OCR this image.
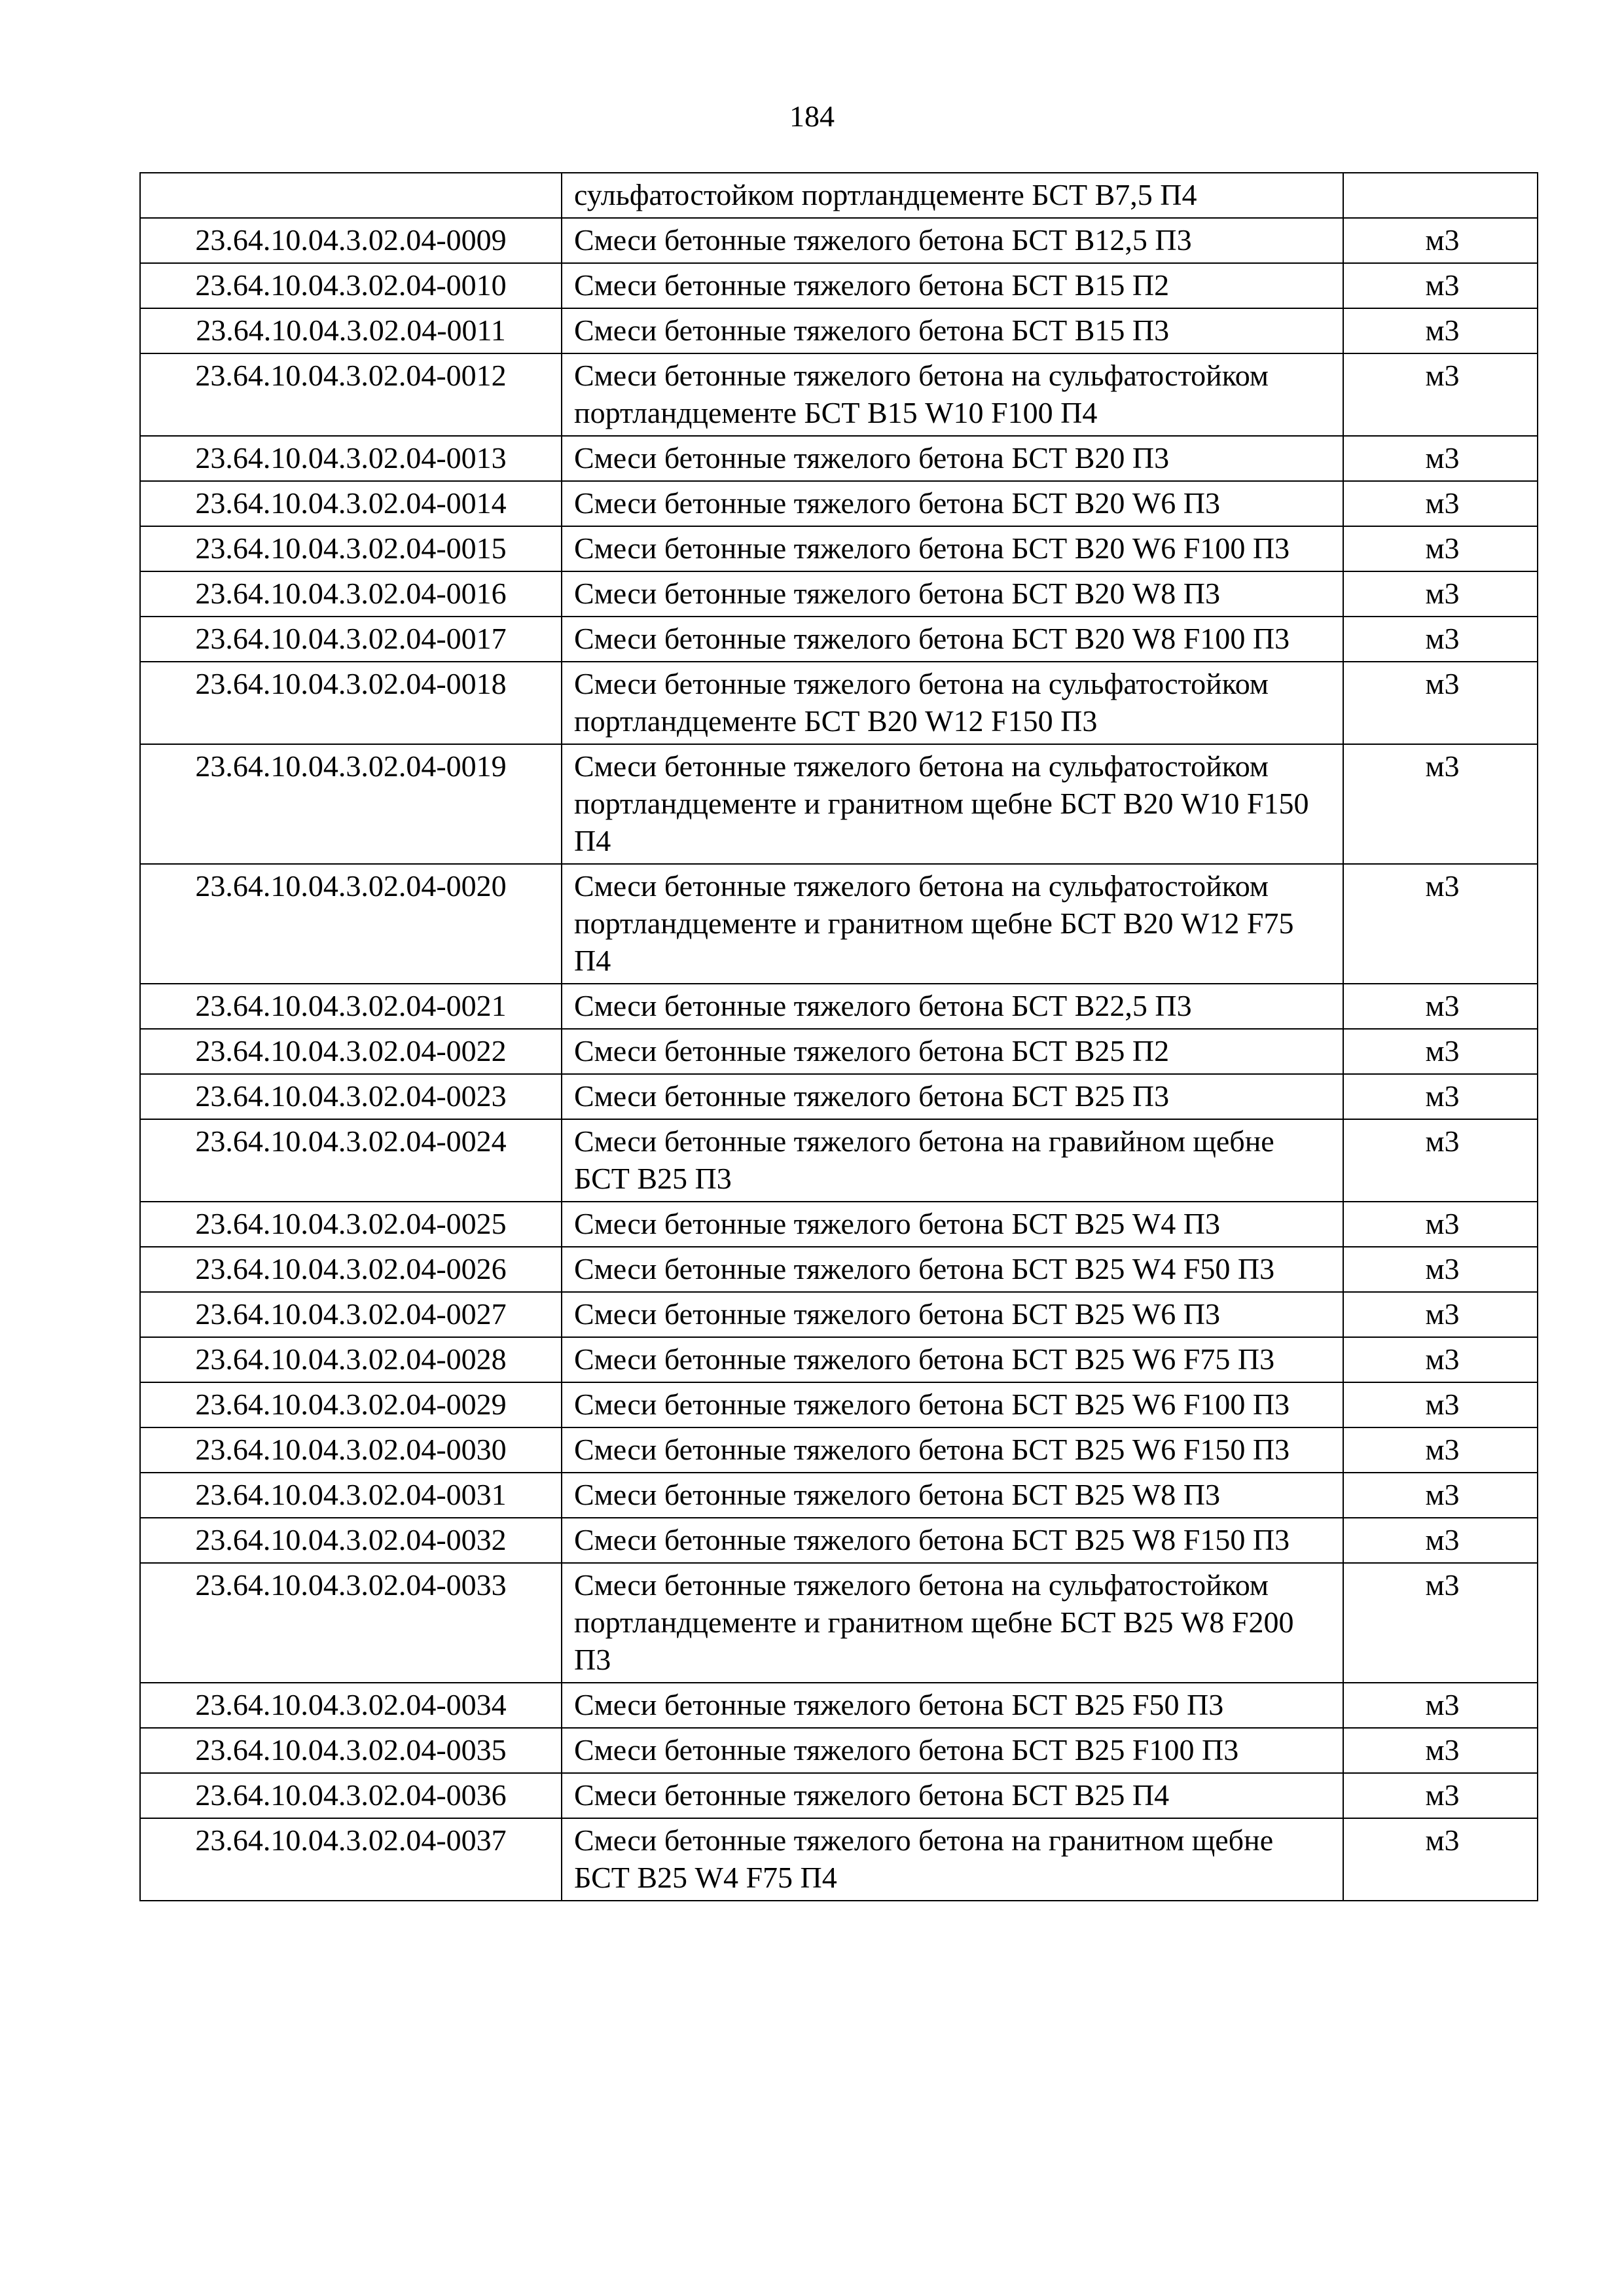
184
	сульфатостойком портландцементе БСТ В7,5 П4	
23.64.10.04.3.02.04-0009	Смеси бетонные тяжелого бетона БСТ В12,5 П3	м3
23.64.10.04.3.02.04-0010	Смеси бетонные тяжелого бетона БСТ В15 П2	м3
23.64.10.04.3.02.04-0011	Смеси бетонные тяжелого бетона БСТ В15 П3	м3
23.64.10.04.3.02.04-0012	Смеси бетонные тяжелого бетона на сульфатостойком портландцементе БСТ В15 W10 F100 П4	м3
23.64.10.04.3.02.04-0013	Смеси бетонные тяжелого бетона БСТ В20 П3	м3
23.64.10.04.3.02.04-0014	Смеси бетонные тяжелого бетона БСТ В20 W6 П3	м3
23.64.10.04.3.02.04-0015	Смеси бетонные тяжелого бетона БСТ В20 W6 F100 П3	м3
23.64.10.04.3.02.04-0016	Смеси бетонные тяжелого бетона БСТ В20 W8 П3	м3
23.64.10.04.3.02.04-0017	Смеси бетонные тяжелого бетона БСТ В20 W8 F100 П3	м3
23.64.10.04.3.02.04-0018	Смеси бетонные тяжелого бетона на сульфатостойком портландцементе БСТ В20 W12 F150 П3	м3
23.64.10.04.3.02.04-0019	Смеси бетонные тяжелого бетона на сульфатостойком портландцементе и гранитном щебне БСТ В20 W10 F150 П4	м3
23.64.10.04.3.02.04-0020	Смеси бетонные тяжелого бетона на сульфатостойком портландцементе и гранитном щебне БСТ В20 W12 F75 П4	м3
23.64.10.04.3.02.04-0021	Смеси бетонные тяжелого бетона БСТ В22,5 П3	м3
23.64.10.04.3.02.04-0022	Смеси бетонные тяжелого бетона БСТ В25 П2	м3
23.64.10.04.3.02.04-0023	Смеси бетонные тяжелого бетона БСТ В25 П3	м3
23.64.10.04.3.02.04-0024	Смеси бетонные тяжелого бетона на гравийном щебне БСТ В25 П3	м3
23.64.10.04.3.02.04-0025	Смеси бетонные тяжелого бетона БСТ В25 W4 П3	м3
23.64.10.04.3.02.04-0026	Смеси бетонные тяжелого бетона БСТ В25 W4 F50 П3	м3
23.64.10.04.3.02.04-0027	Смеси бетонные тяжелого бетона БСТ В25 W6 П3	м3
23.64.10.04.3.02.04-0028	Смеси бетонные тяжелого бетона БСТ В25 W6 F75 П3	м3
23.64.10.04.3.02.04-0029	Смеси бетонные тяжелого бетона БСТ В25 W6 F100 П3	м3
23.64.10.04.3.02.04-0030	Смеси бетонные тяжелого бетона БСТ В25 W6 F150 П3	м3
23.64.10.04.3.02.04-0031	Смеси бетонные тяжелого бетона БСТ В25 W8 П3	м3
23.64.10.04.3.02.04-0032	Смеси бетонные тяжелого бетона БСТ В25 W8 F150 П3	м3
23.64.10.04.3.02.04-0033	Смеси бетонные тяжелого бетона на сульфатостойком портландцементе и гранитном щебне БСТ В25 W8 F200 П3	м3
23.64.10.04.3.02.04-0034	Смеси бетонные тяжелого бетона БСТ В25 F50 П3	м3
23.64.10.04.3.02.04-0035	Смеси бетонные тяжелого бетона БСТ В25 F100 П3	м3
23.64.10.04.3.02.04-0036	Смеси бетонные тяжелого бетона БСТ В25 П4	м3
23.64.10.04.3.02.04-0037	Смеси бетонные тяжелого бетона на гранитном щебне БСТ В25 W4 F75 П4	м3
